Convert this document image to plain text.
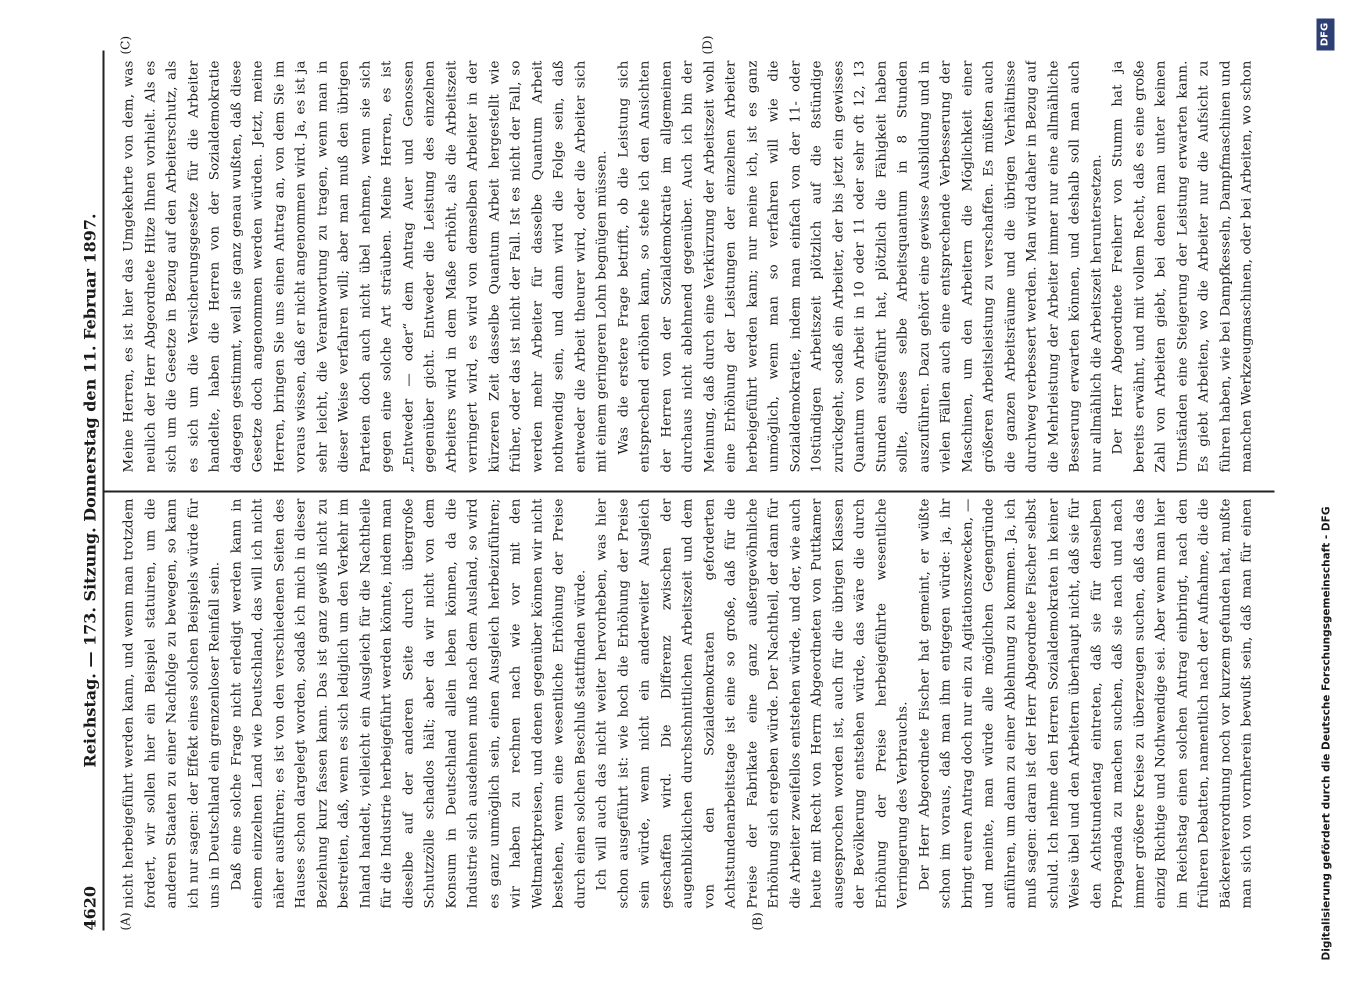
4620
Reichstag. — 173. Sitzung. Donnerstag den 11. Februar 1897.
(A)	(B)
(C)	(D)

nicht herbeigeführt werden kann, und wenn man trotzdem fordert, wir sollen hier ein Beispiel statuiren, um die anderen Staaten zu einer Nachfolge zu bewegen, so kann ich nur sagen: der Effekt eines solchen Beispiels würde für uns in Deutschland ein grenzenloser Reinfall sein. Daß eine solche Frage nicht erledigt werden kann in einem einzelnen Land wie Deutschland, das will ich nicht näher ausführen; es ist von den verschiedenen Seiten des Hauses schon dargelegt worden, sodaß ich mich in dieser Beziehung kurz fassen kann. Das ist ganz gewiß nicht zu bestreiten, daß, wenn es sich lediglich um den Verkehr im Inland handelt, vielleicht ein Ausgleich für die Nachtheile für die Industrie herbeigeführt werden könnte, indem man dieselbe auf der anderen Seite durch übergroße Schutzzölle schadlos hält; aber da wir nicht von dem Konsum in Deutschland allein leben können, da die Industrie sich ausdehnen muß nach dem Ausland, so wird es ganz unmöglich sein, einen Ausgleich herbeizuführen; wir haben zu rechnen nach wie vor mit den Weltmarktpreisen, und denen gegenüber können wir nicht bestehen, wenn eine wesentliche Erhöhung der Preise durch einen solchen Beschluß stattfinden würde. Ich will auch das nicht weiter hervorheben, was hier schon ausgeführt ist: wie hoch die Erhöhung der Preise sein würde, wenn nicht ein anderweiter Ausgleich geschaffen wird. Die Differenz zwischen der augenblicklichen durchschnittlichen Arbeitszeit und dem von den Sozialdemokraten geforderten Achtstundenarbeitstage ist eine so große, daß für die Preise der Fabrikate eine ganz außergewöhnliche Erhöhung sich ergeben würde. Der Nachtheil, der dann für die Arbeiter zweifellos entstehen würde, und der, wie auch heute mit Recht von Herrn Abgeordneten von Puttkamer ausgesprochen worden ist, auch für die übrigen Klassen der Bevölkerung entstehen würde, das wäre die durch Erhöhung der Preise herbeigeführte wesentliche Verringerung des Verbrauchs. Der Herr Abgeordnete Fischer hat gemeint, er wüßte schon im voraus, daß man ihm entgegen würde: ja, ihr bringt euren Antrag doch nur ein zu Agitationszwecken, — und meinte, man würde alle möglichen Gegengründe anführen, um dann zu einer Ablehnung zu kommen. Ja, ich muß sagen: daran ist der Herr Abgeordnete Fischer selbst schuld. Ich nehme den Herren Sozialdemokraten in keiner Weise übel und den Arbeitern überhaupt nicht, daß sie für den Achtstundentag eintreten, daß sie für denselben Propaganda zu machen suchen, daß sie nach und nach immer größere Kreise zu überzeugen suchen, daß das das einzig Richtige und Nothwendige sei. Aber wenn man hier im Reichstag einen solchen Antrag einbringt, nach den früheren Debatten, namentlich nach der Aufnahme, die die Bäckereiverordnung noch vor kurzem gefunden hat, mußte man sich von vornherein bewußt sein, daß man für einen

Meine Herren, es ist hier das Umgekehrte von dem, was neulich der Herr Abgeordnete Hitze Ihnen vorhielt. Als es sich um die Gesetze in Bezug auf den Arbeiterschutz, als es sich um die Versicherungsgesetze für die Arbeiter handelte, haben die Herren von der Sozialdemokratie dagegen gestimmt, weil sie ganz genau wußten, daß diese Gesetze doch angenommen werden würden. Jetzt, meine Herren, bringen Sie uns einen Antrag an, von dem Sie im voraus wissen, daß er nicht angenommen wird. Ja, es ist ja sehr leicht, die Verantwortung zu tragen, wenn man in dieser Weise verfahren will; aber man muß den übrigen Parteien doch auch nicht übel nehmen, wenn sie sich gegen eine solche Art sträuben. Meine Herren, es ist „Entweder — oder“ dem Antrag Auer und Genossen gegenüber gicht. Entweder die Leistung des einzelnen Arbeiters wird in dem Maße erhöht, als die Arbeitszeit verringert wird, es wird von demselben Arbeiter in der kürzeren Zeit dasselbe Quantum Arbeit hergestellt wie früher, oder das ist nicht der Fall. Ist es nicht der Fall, so werden mehr Arbeiter für dasselbe Quantum Arbeit nothwendig sein, und dann wird die Folge sein, daß entweder die Arbeit theurer wird, oder die Arbeiter sich mit einem geringeren Lohn begnügen müssen. Was die erstere Frage betrifft, ob die Leistung sich entsprechend erhöhen kann, so stehe ich den Ansichten der Herren von der Sozialdemokratie im allgemeinen durchaus nicht ablehnend gegenüber. Auch ich bin der Meinung, daß durch eine Verkürzung der Arbeitszeit wohl eine Erhöhung der Leistungen der einzelnen Arbeiter herbeigeführt werden kann; nur meine ich, ist es ganz unmöglich, wenn man so verfahren will wie die Sozialdemokratie, indem man einfach von der 11- oder 10stündigen Arbeitszeit plötzlich auf die 8stündige zurückgeht, sodaß ein Arbeiter, der bis jetzt ein gewisses Quantum von Arbeit in 10 oder 11 oder sehr oft 12, 13 Stunden ausgeführt hat, plötzlich die Fähigkeit haben sollte, dieses selbe Arbeitsquantum in 8 Stunden auszuführen. Dazu gehört eine gewisse Ausbildung und in vielen Fällen auch eine entsprechende Verbesserung der Maschinen, um den Arbeitern die Möglichkeit einer größeren Arbeitsleistung zu verschaffen. Es müßten auch die ganzen Arbeitsräume und die übrigen Verhältnisse durchweg verbessert werden. Man wird daher in Bezug auf die Mehrleistung der Arbeiter immer nur eine allmähliche Besserung erwarten können, und deshalb soll man auch nur allmählich die Arbeitszeit heruntersetzen. Der Herr Abgeordnete Freiherr von Stumm hat ja bereits erwähnt, und mit vollem Recht, daß es eine große Zahl von Arbeiten giebt, bei denen man unter keinen Umständen eine Steigerung der Leistung erwarten kann. Es giebt Arbeiten, wo die Arbeiter nur die Aufsicht zu führen haben, wie bei Dampfkesseln, Dampfmaschinen und manchen Werkzeugmaschinen, oder bei Arbeiten, wo schon

Digitalisierung gefördert durch die Deutsche Forschungsgemeinschaft - DFG
DFG
